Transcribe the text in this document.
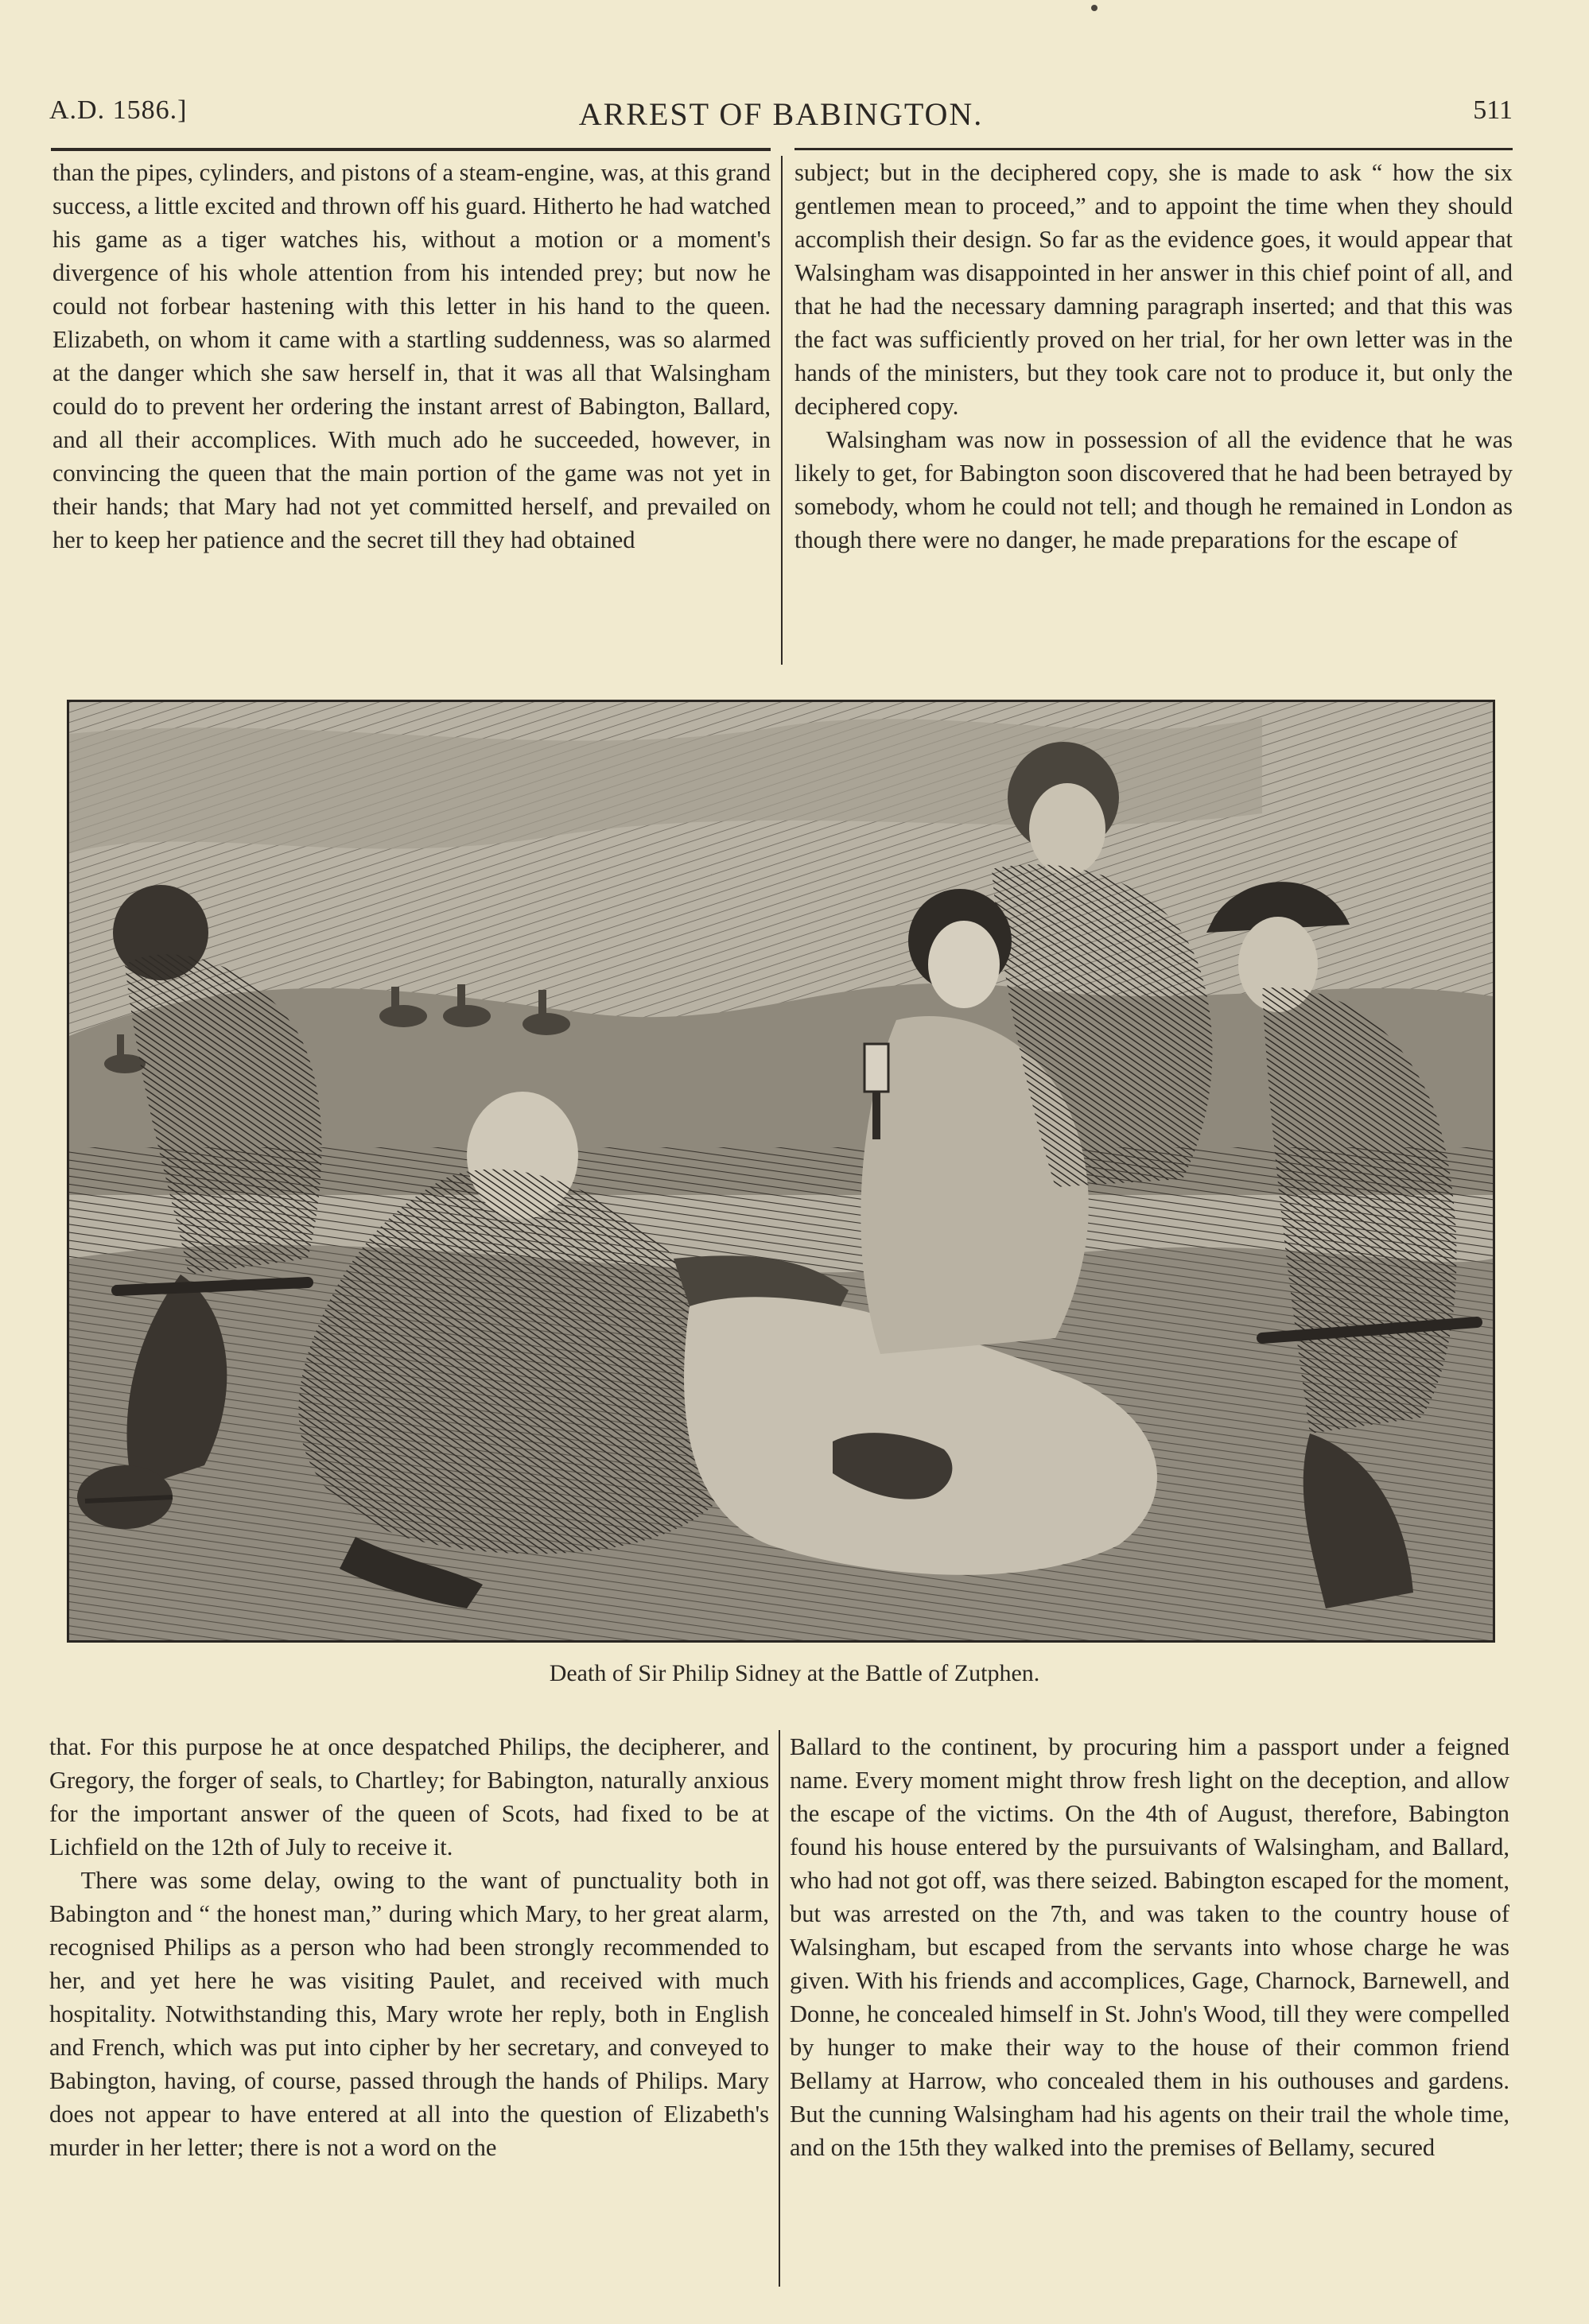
A.D. 1586.]	ARREST OF BABINGTON.	511

than the pipes, cylinders, and pistons of a steam-engine, was, at this grand success, a little excited and thrown off his guard. Hitherto he had watched his game as a tiger watches his, without a motion or a moment's divergence of his whole attention from his intended prey; but now he could not forbear hastening with this letter in his hand to the queen. Elizabeth, on whom it came with a startling suddenness, was so alarmed at the danger which she saw herself in, that it was all that Walsingham could do to prevent her ordering the instant arrest of Babington, Ballard, and all their accomplices. With much ado he succeeded, however, in convincing the queen that the main portion of the game was not yet in their hands; that Mary had not yet committed herself, and prevailed on her to keep her patience and the secret till they had obtained

subject; but in the deciphered copy, she is made to ask “ how the six gentlemen mean to proceed,” and to appoint the time when they should accomplish their design. So far as the evidence goes, it would appear that Walsingham was disappointed in her answer in this chief point of all, and that he had the necessary damning paragraph inserted; and that this was the fact was sufficiently proved on her trial, for her own letter was in the hands of the ministers, but they took care not to produce it, but only the deciphered copy.

Walsingham was now in possession of all the evidence that he was likely to get, for Babington soon discovered that he had been betrayed by somebody, whom he could not tell; and though he remained in London as though there were no danger, he made preparations for the escape of

Death of Sir Philip Sidney at the Battle of Zutphen.

that. For this purpose he at once despatched Philips, the decipherer, and Gregory, the forger of seals, to Chartley; for Babington, naturally anxious for the important answer of the queen of Scots, had fixed to be at Lichfield on the 12th of July to receive it.

There was some delay, owing to the want of punctuality both in Babington and “ the honest man,” during which Mary, to her great alarm, recognised Philips as a person who had been strongly recommended to her, and yet here he was visiting Paulet, and received with much hospitality. Notwithstanding this, Mary wrote her reply, both in English and French, which was put into cipher by her secretary, and conveyed to Babington, having, of course, passed through the hands of Philips. Mary does not appear to have entered at all into the question of Elizabeth's murder in her letter; there is not a word on the

Ballard to the continent, by procuring him a passport under a feigned name. Every moment might throw fresh light on the deception, and allow the escape of the victims. On the 4th of August, therefore, Babington found his house entered by the pursuivants of Walsingham, and Ballard, who had not got off, was there seized. Babington escaped for the moment, but was arrested on the 7th, and was taken to the country house of Walsingham, but escaped from the servants into whose charge he was given. With his friends and accomplices, Gage, Charnock, Barnewell, and Donne, he concealed himself in St. John's Wood, till they were compelled by hunger to make their way to the house of their common friend Bellamy at Harrow, who concealed them in his outhouses and gardens. But the cunning Walsingham had his agents on their trail the whole time, and on the 15th they walked into the premises of Bellamy, secured
